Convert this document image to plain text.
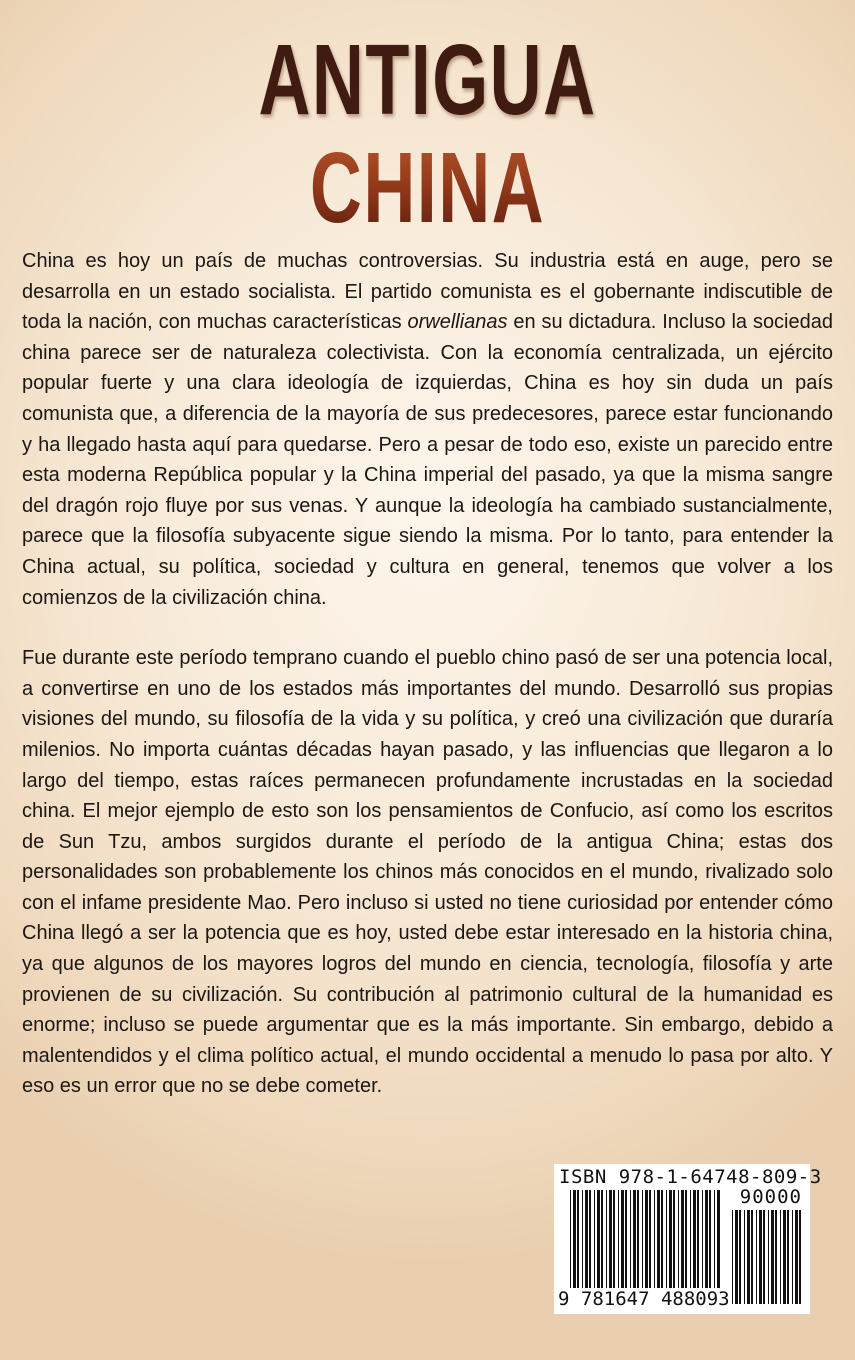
ANTIGUA
CHINA

China es hoy un país de muchas controversias. Su industria está en auge, pero se desarrolla en un estado socialista. El partido comunista es el gobernante indiscutible de toda la nación, con muchas características orwellianas en su dictadura. Incluso la sociedad china parece ser de naturaleza colectivista. Con la economía centralizada, un ejército popular fuerte y una clara ideología de izquierdas, China es hoy sin duda un país comunista que, a diferencia de la mayoría de sus predecesores, parece estar funcionando y ha llegado hasta aquí para quedarse. Pero a pesar de todo eso, existe un parecido entre esta moderna República popular y la China imperial del pasado, ya que la misma sangre del dragón rojo fluye por sus venas. Y aunque la ideología ha cambiado sustancialmente, parece que la filosofía subyacente sigue siendo la misma. Por lo tanto, para entender la China actual, su política, sociedad y cultura en general, tenemos que volver a los comienzos de la civilización china.

Fue durante este período temprano cuando el pueblo chino pasó de ser una potencia local, a convertirse en uno de los estados más importantes del mundo. Desarrolló sus propias visiones del mundo, su filosofía de la vida y su política, y creó una civilización que duraría milenios. No importa cuántas décadas hayan pasado, y las influencias que llegaron a lo largo del tiempo, estas raíces permanecen profundamente incrustadas en la sociedad china. El mejor ejemplo de esto son los pensamientos de Confucio, así como los escritos de Sun Tzu, ambos surgidos durante el período de la antigua China; estas dos personalidades son probablemente los chinos más conocidos en el mundo, rivalizado solo con el infame presidente Mao. Pero incluso si usted no tiene curiosidad por entender cómo China llegó a ser la potencia que es hoy, usted debe estar interesado en la historia china, ya que algunos de los mayores logros del mundo en ciencia, tecnología, filosofía y arte provienen de su civilización. Su contribución al patrimonio cultural de la humanidad es enorme; incluso se puede argumentar que es la más importante. Sin embargo, debido a malentendidos y el clima político actual, el mundo occidental a menudo lo pasa por alto. Y eso es un error que no se debe cometer.

ISBN 978-1-64748-809-3
90000
9 781647 488093
